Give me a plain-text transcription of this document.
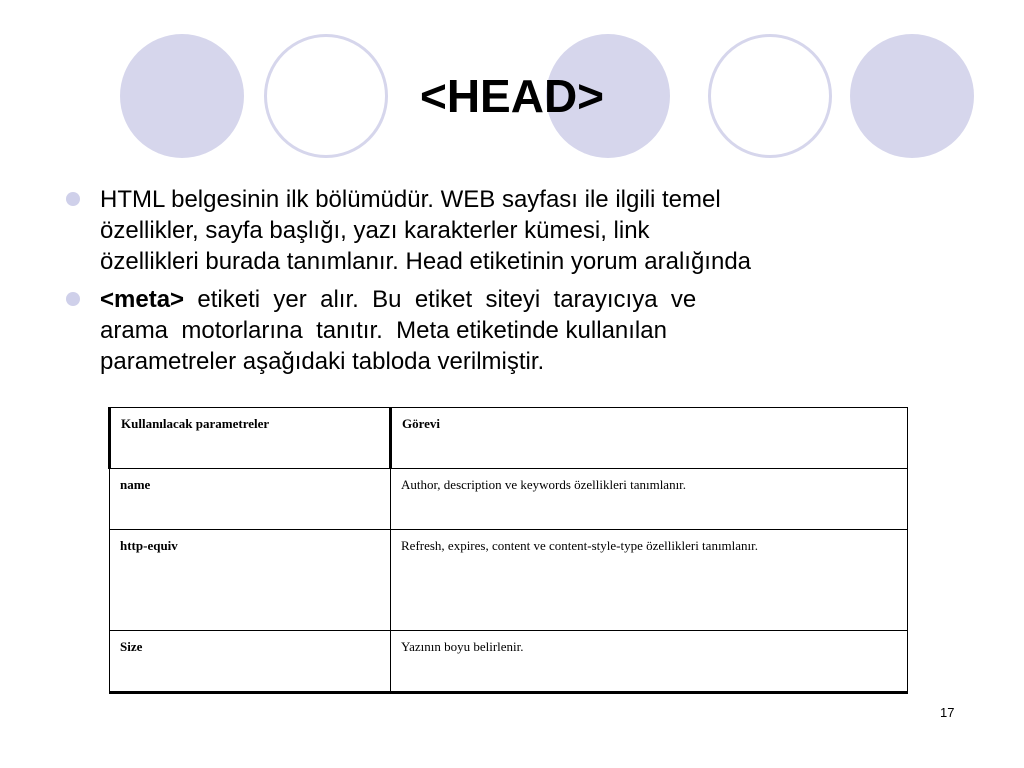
<HEAD>
HTML belgesinin ilk bölümüdür. WEB sayfası ile ilgili temel
özellikler, sayfa başlığı, yazı karakterler kümesi, link
özellikleri burada tanımlanır. Head etiketinin yorum aralığında
<meta>  etiketi  yer  alır.  Bu  etiket  siteyi  tarayıcıya  ve
arama  motorlarına  tanıtır.  Meta etiketinde kullanılan
parametreler aşağıdaki tabloda verilmiştir.
Kullanılacak parametreler	Görevi
name	Author, description ve keywords özellikleri tanımlanır.
http-equiv	Refresh, expires, content ve content-style-type özellikleri tanımlanır.
Size	Yazının boyu belirlenir.
17
